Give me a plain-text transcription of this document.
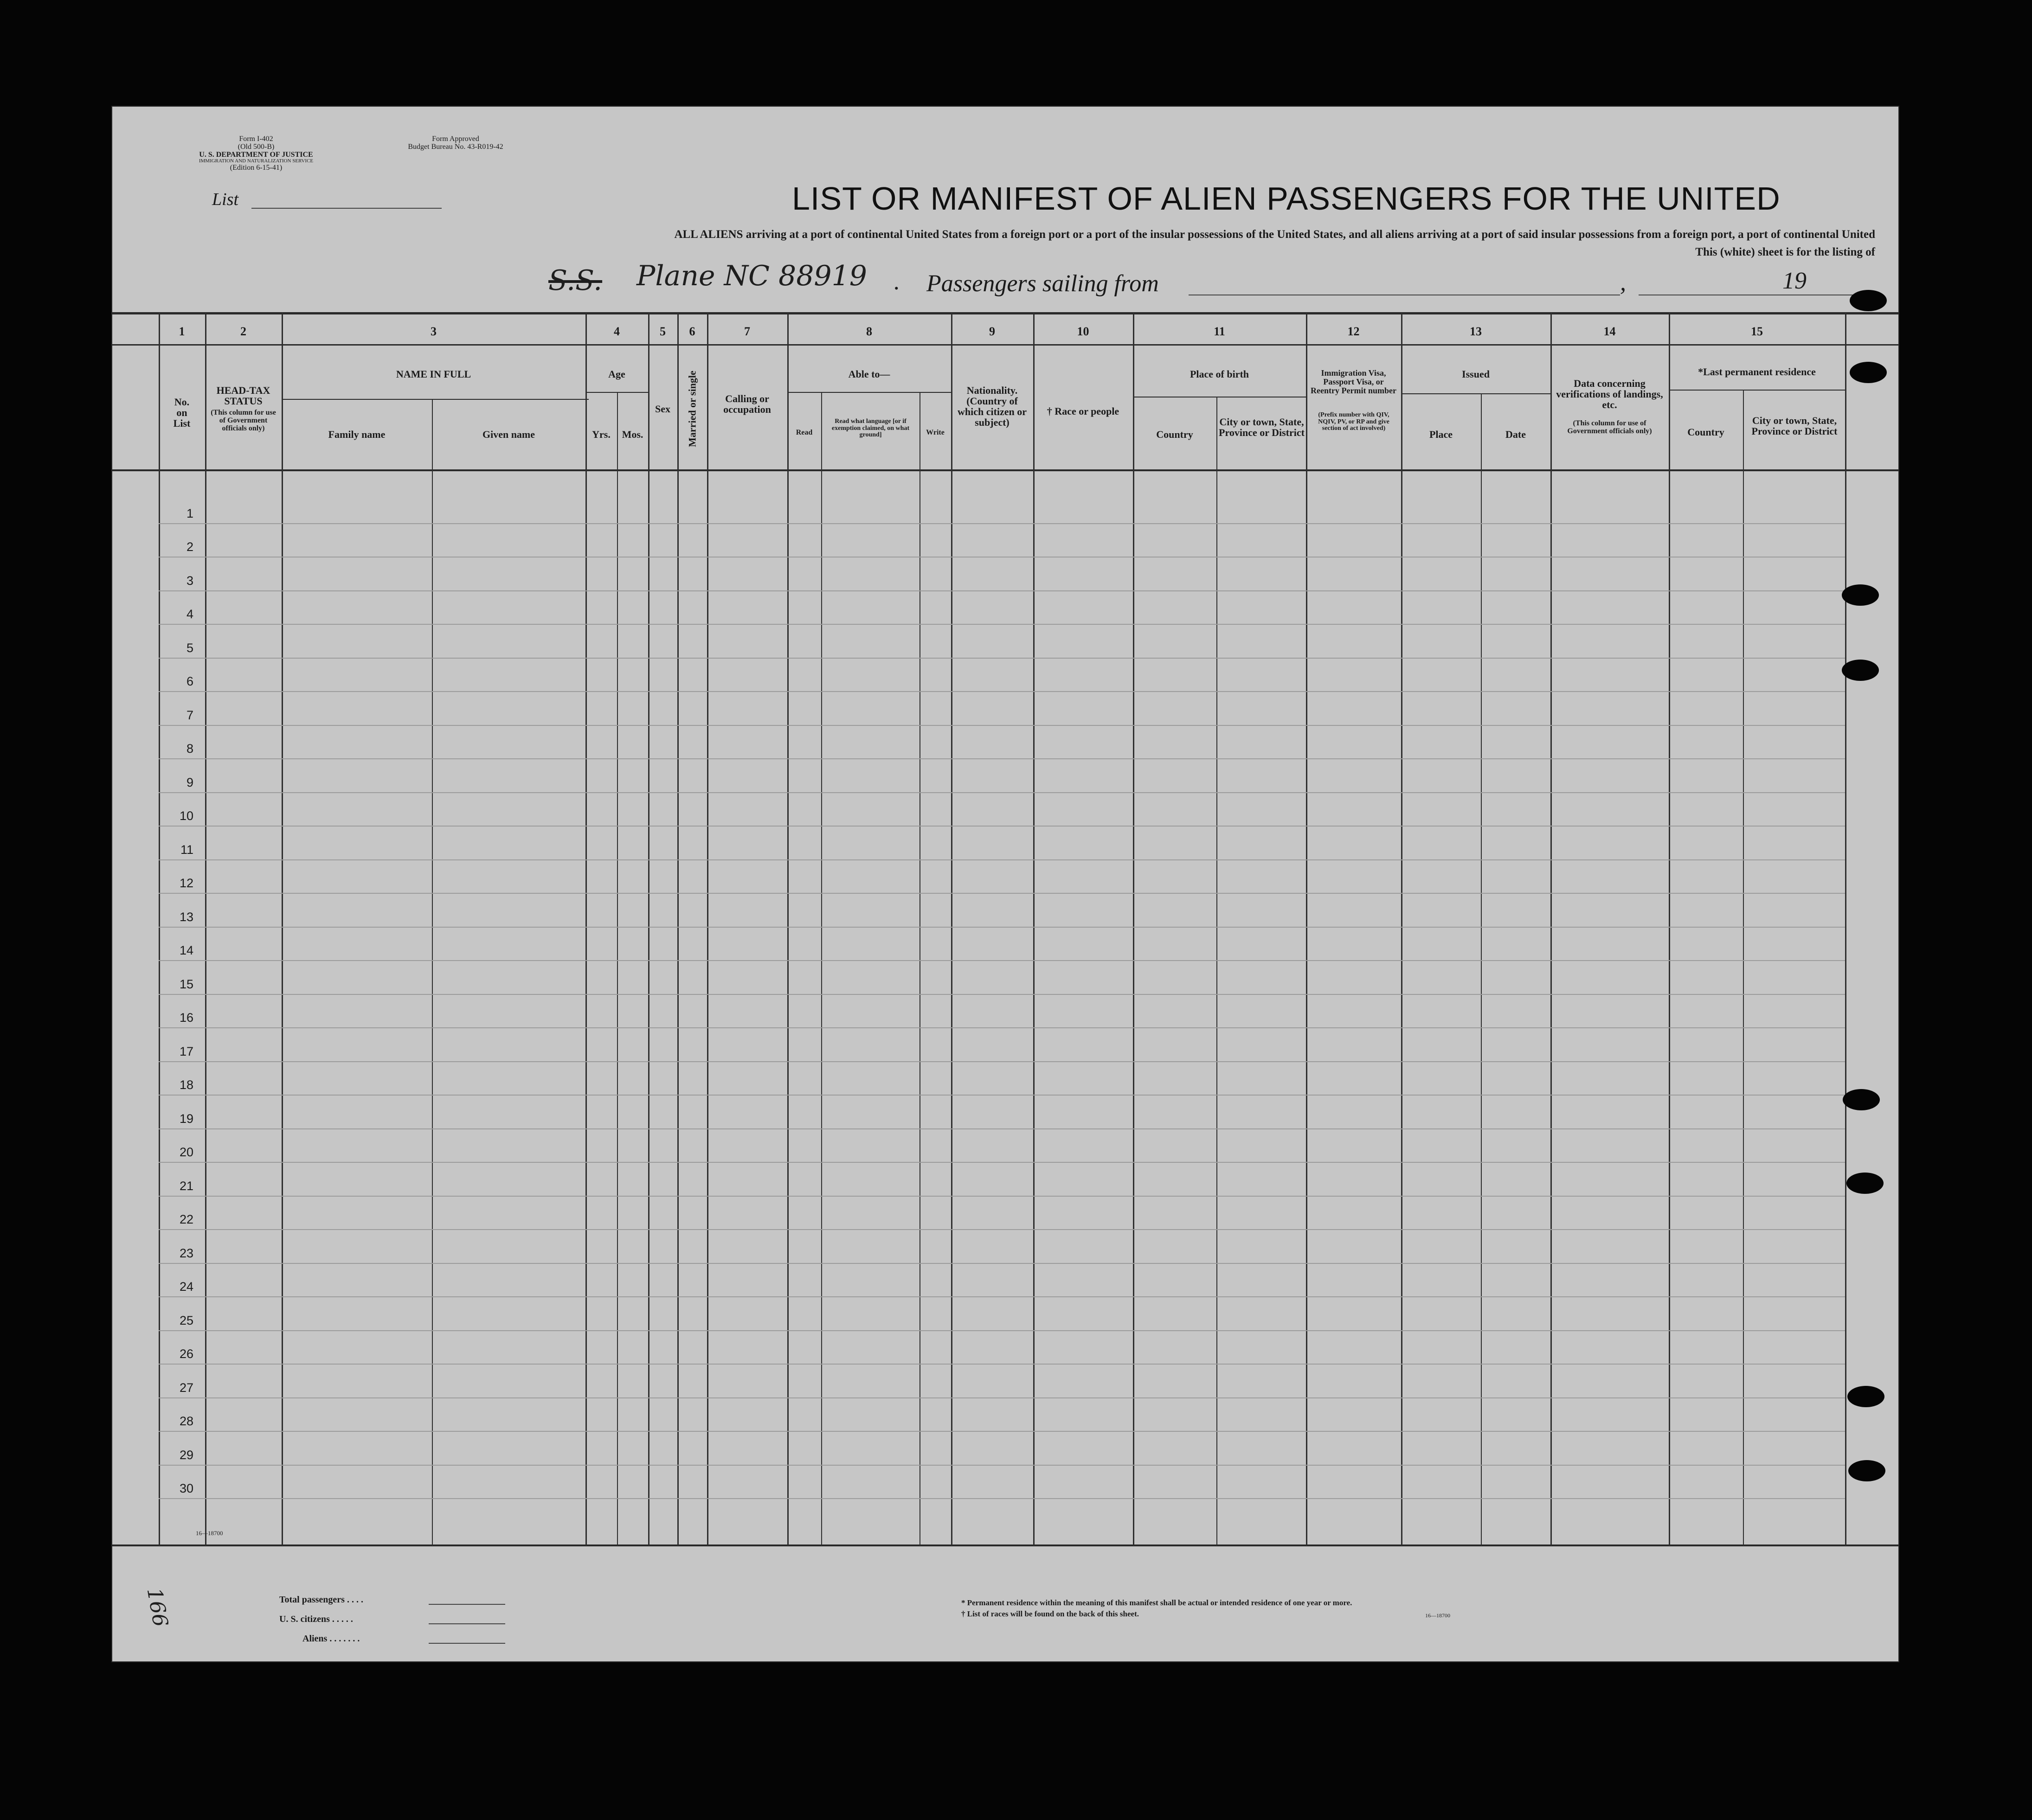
Form I-402
(Old 500-B)
U. S. DEPARTMENT OF JUSTICE
IMMIGRATION AND NATURALIZATION SERVICE
(Edition 6-15-41)
Form Approved
Budget Bureau No. 43-R019-42
List	LIST OR MANIFEST OF ALIEN PASSENGERS FOR THE UNITED
ALL ALIENS arriving at a port of continental United States from a foreign port or a port of the insular possessions of the United States, and all aliens arriving at a port of said insular possessions from a foreign port, a port of continental United
This (white) sheet is for the listing of
S.S. Plane NC 88919 . Passengers sailing from	,	19
1	2	3	4	5	6	7	8	9	10	11	12	13	14	15
No. on List
HEAD-TAX STATUS
(This column for use of Government officials only)
NAME IN FULL
Family name	Given name
Age
Yrs.	Mos.
Sex	Married or single	Calling or occupation
Able to—
Read
Read what language [or if exemption claimed, on what ground]	Write
Nationality. (Country of which citizen or subject)
† Race or people
Place of birth
Country
City or town, State, Province or District
Immigration Visa, Passport Visa, or Reentry Permit number
(Prefix number with QIV, NQIV, PV, or RP and give section of act involved)
Issued
Place	Date
Data concerning verifications of landings, etc.
(This column for use of Government officials only)
*Last permanent residence
Country
City or town, State, Province or District
1
2
3
4
5
6
7
8
9
10
11
12
13
14
15
16
17
18
19
20
21
22
23
24
25
26
27
28
29
30
16—18700
Total passengers . . . .
U. S. citizens . . . . .
Aliens . . . . . . .
* Permanent residence within the meaning of this manifest shall be actual or intended residence of one year or more.
† List of races will be found on the back of this sheet.	16—18700
166
